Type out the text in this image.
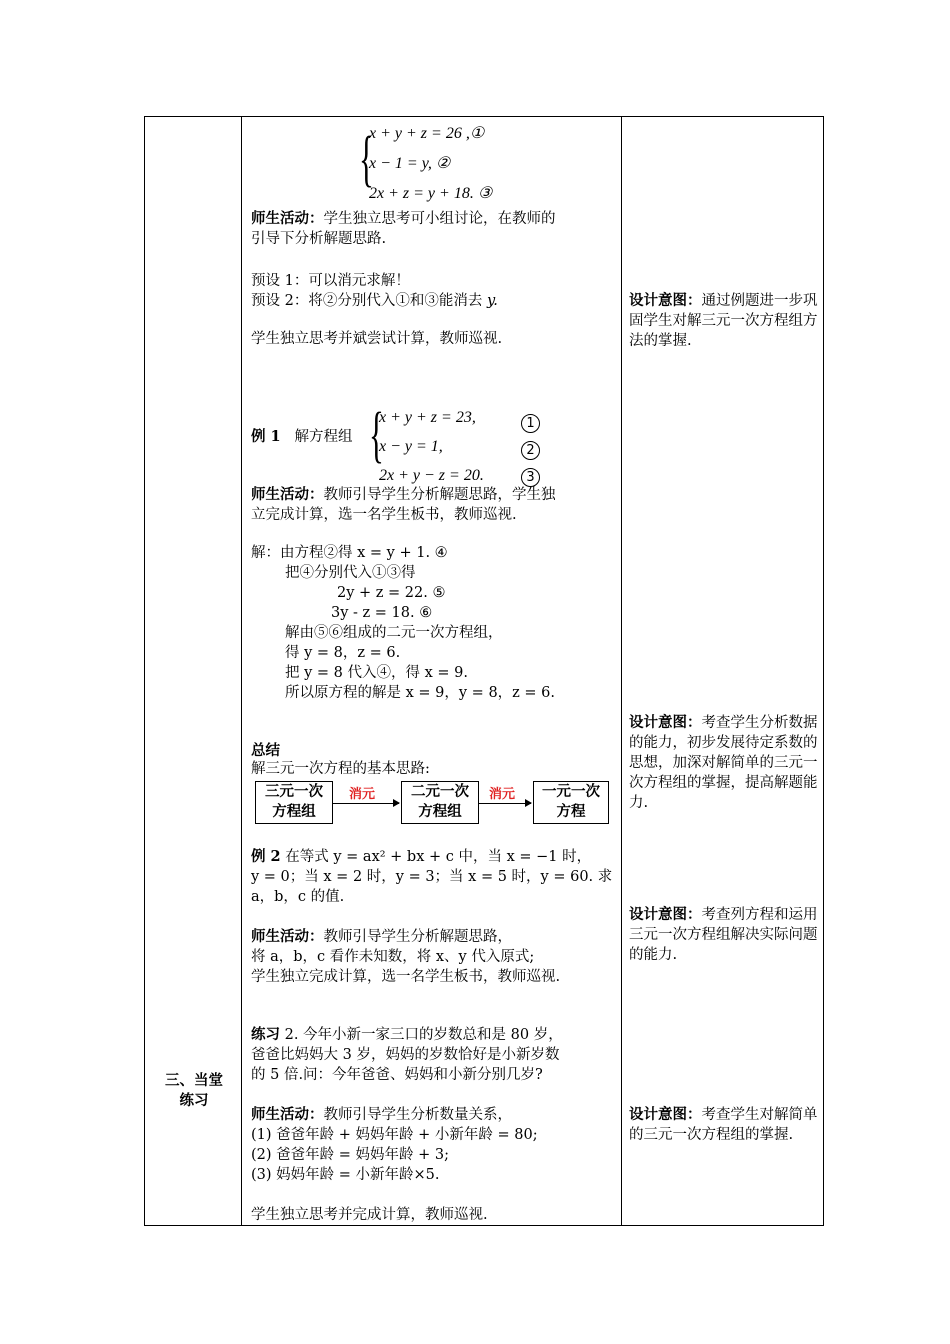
三、当堂练习
{
x + y + z = 26 ,①
x − 1 = y, ②
2x + z = y + 18. ③
师生活动：学生独立思考可小组讨论，在教师的
引导下分析解题思路.
预设 1：可以消元求解！
预设 2：将②分别代入①和③能消去 y.
学生独立思考并斌尝试计算，教师巡视.
例 1 解方程组 {
x + y + z = 23,
x − y = 1,
2x + y − z = 20.
1
2
3
师生活动：教师引导学生分析解题思路，学生独
立完成计算，选一名学生板书，教师巡视.
解：由方程②得 x = y + 1. ④
把④分别代入①③得
2y + z = 22. ⑤
3y - z = 18. ⑥
解由⑤⑥组成的二元一次方程组，
得 y = 8，z = 6.
把 y = 8 代入④，得 x = 9.
所以原方程的解是 x = 9，y = 8，z = 6.
总结
解三元一次方程的基本思路:
三元一次
方程组
消元	二元一次
方程组
消元	一元一次
方程
例 2 在等式 y = ax² + bx + c 中，当 x = −1 时，
y = 0；当 x = 2 时，y = 3；当 x = 5 时，y = 60. 求
a，b，c 的值.
师生活动：教师引导学生分析解题思路，
将 a，b，c 看作未知数，将 x、y 代入原式;
学生独立完成计算，选一名学生板书，教师巡视.
练习 2. 今年小新一家三口的岁数总和是 80 岁，
爸爸比妈妈大 3 岁，妈妈的岁数恰好是小新岁数
的 5 倍.问：今年爸爸、妈妈和小新分别几岁?
师生活动：教师引导学生分析数量关系，
(1) 爸爸年龄 + 妈妈年龄 + 小新年龄 = 80;
(2) 爸爸年龄 = 妈妈年龄 + 3;
(3) 妈妈年龄 = 小新年龄×5.
学生独立思考并完成计算，教师巡视.
设计意图：通过例题进一步巩固学生对解三元一次方程组方法的掌握.
设计意图：考查学生分析数据的能力，初步发展待定系数的思想，加深对解简单的三元一次方程组的掌握，提高解题能力.
设计意图：考查列方程和运用三元一次方程组解决实际问题的能力.
设计意图：考查学生对解简单的三元一次方程组的掌握.
